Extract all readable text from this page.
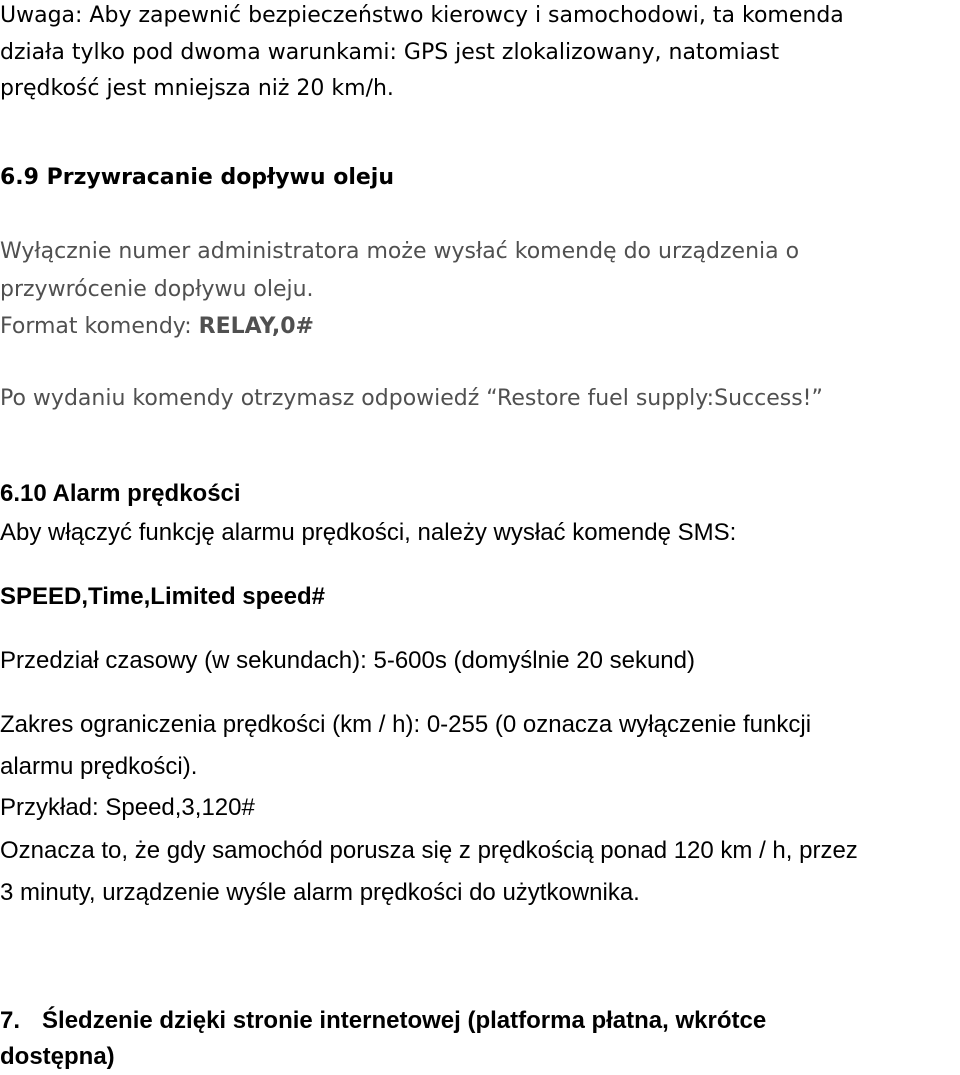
Uwaga: Aby zapewnić bezpieczeństwo kierowcy i samochodowi, ta komenda
działa tylko pod dwoma warunkami: GPS jest zlokalizowany, natomiast
prędkość jest mniejsza niż 20 km/h.
6.9 Przywracanie dopływu oleju
Wyłącznie numer administratora może wysłać komendę do urządzenia o
przywrócenie dopływu oleju.
Format komendy: RELAY,0#
Po wydaniu komendy otrzymasz odpowiedź “Restore fuel supply:Success!”
6.10 Alarm prędkości
Aby włączyć funkcję alarmu prędkości, należy wysłać komendę SMS:
SPEED,Time,Limited speed#
Przedział czasowy (w sekundach): 5-600s (domyślnie 20 sekund)
Zakres ograniczenia prędkości (km / h): 0-255 (0 oznacza wyłączenie funkcji
alarmu prędkości).
Przykład: Speed,3,120#
Oznacza to, że gdy samochód porusza się z prędkością ponad 120 km / h, przez
3 minuty, urządzenie wyśle alarm prędkości do użytkownika.
7. Śledzenie dzięki stronie internetowej (platforma płatna, wkrótce
dostępna)
